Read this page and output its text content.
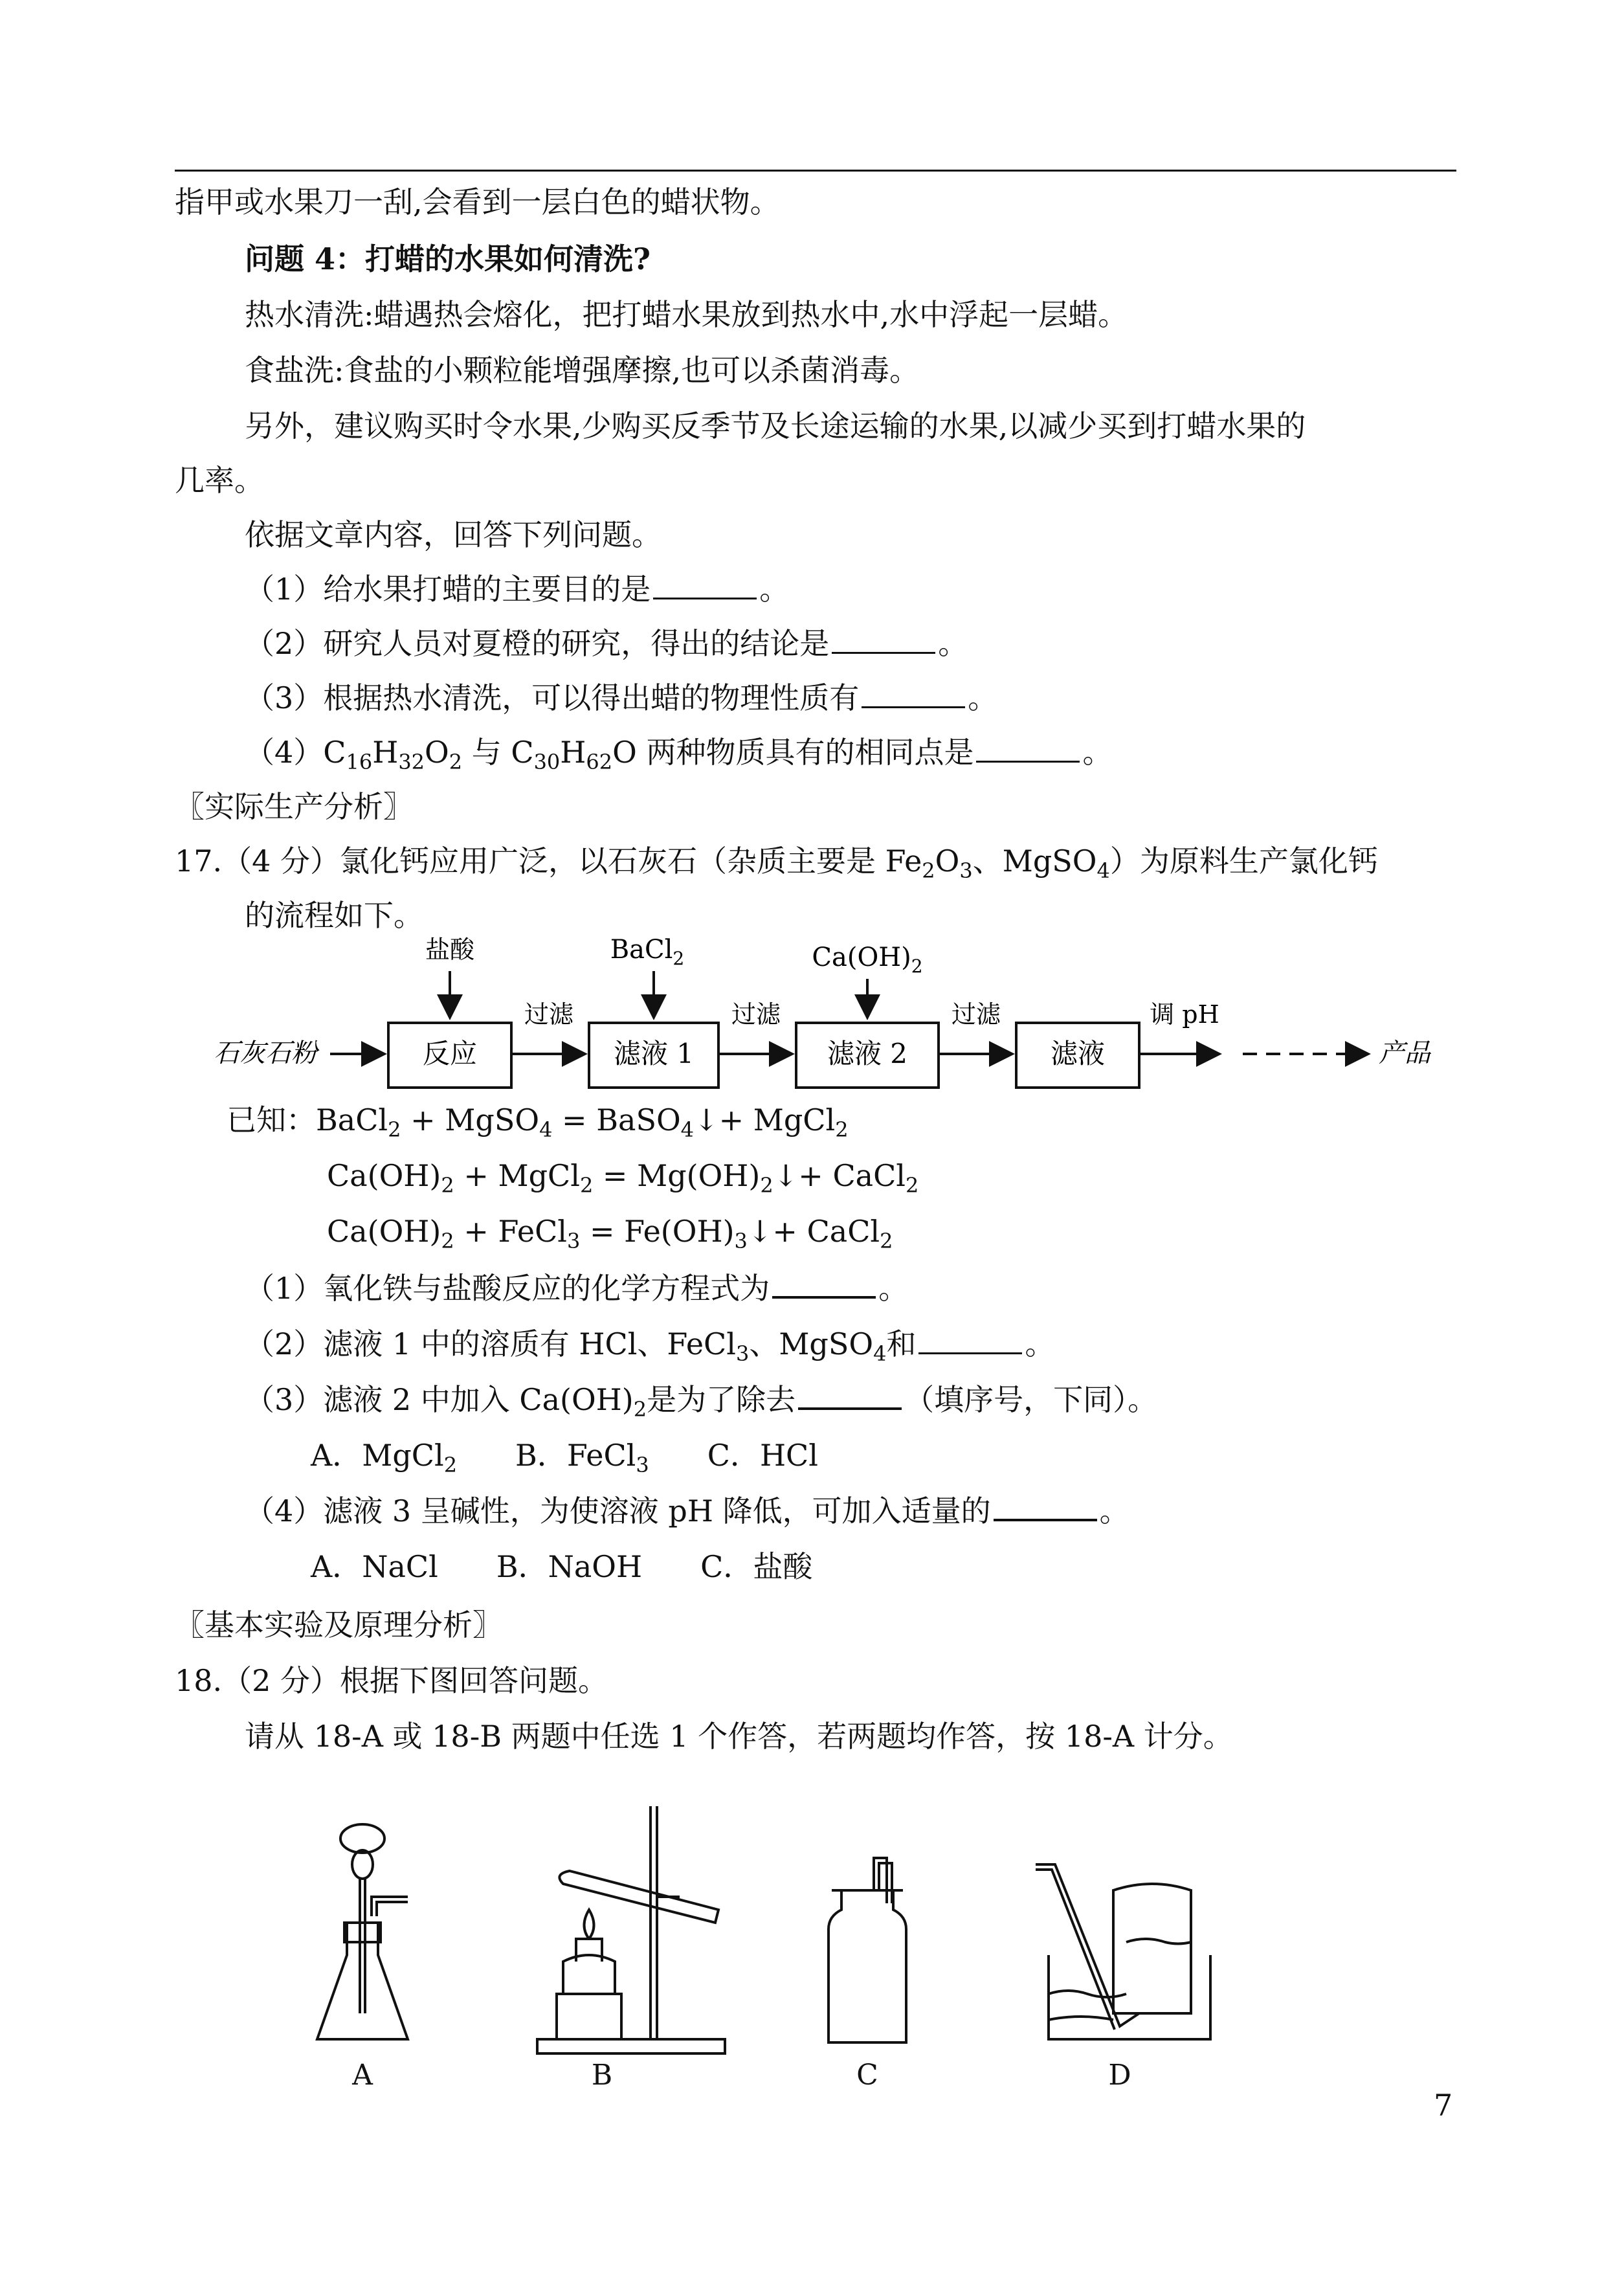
指甲或水果刀一刮,会看到一层白色的蜡状物。
问题 4：打蜡的水果如何清洗?
热水清洗:蜡遇热会熔化，把打蜡水果放到热水中,水中浮起一层蜡。
食盐洗:食盐的小颗粒能增强摩擦,也可以杀菌消毒。
另外，建议购买时令水果,少购买反季节及长途运输的水果,以减少买到打蜡水果的
几率。
依据文章内容，回答下列问题。
（1）给水果打蜡的主要目的是	。
（2）研究人员对夏橙的研究，得出的结论是	。
（3）根据热水清洗，可以得出蜡的物理性质有	。
$(4)C_{16}H_{32}O_2$ 与 $C_{30}H_{62}O$ 两种物质具有的相同点是	。
〖实际生产分析〗
17.（4 分）氯化钙应用广泛，以石灰石（杂质主要是 $Fe_2O_3$、MgSO$_4$）为原料生产氯化钙
的流程如下。
石灰石粉	反应
盐酸
过滤
滤液 1
BaCl$_2$
过滤
滤液 2
$Ca(OH)_2$
过滤
滤液
调 pH
产品
已知：BaCl$_2$ + MgSO$_4$ = BaSO$_4$↓+ MgCl$_2$
$Ca(OH)_2$ + MgCl$_2$ = $Mg(OH)_2↓+$ CaCl$_2$
$Ca(OH)_2$ + FeCl$_3$ = $Fe(OH)_3↓+$ CaCl$_2$
（1）氧化铁与盐酸反应的化学方程式为	。
（2）滤液 1 中的溶质有 HCl、FeCl$_3$、MgSO$_4$和	。
（3）滤液 2 中加入 $Ca(OH)_2$是为了除去	（填序号，下同）。
A．MgCl$_2$ B．FeCl$_3$ C．HCl
（4）滤液 3 呈碱性，为使溶液 pH 降低，可加入适量的	。
A．NaCl B．NaOH C．盐酸
〖基本实验及原理分析〗
18.（2 分）根据下图回答问题。
请从 18-A 或 18-B 两题中任选 1 个作答，若两题均作答，按 18-A 计分。
A	B	C	D
7
